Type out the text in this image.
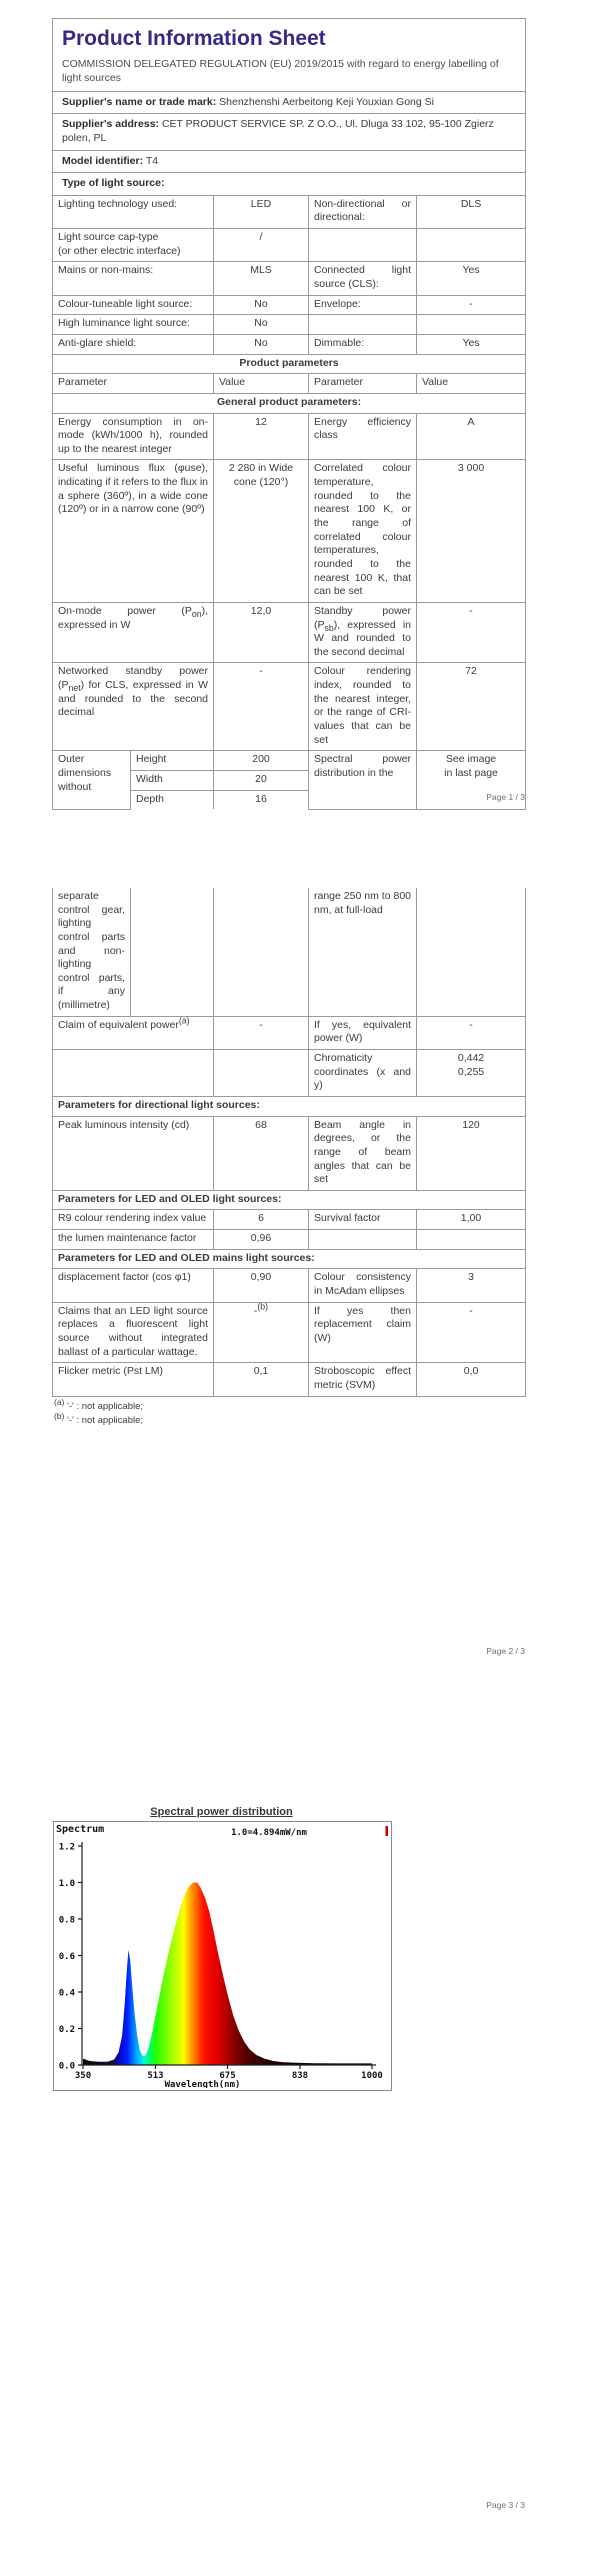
Product Information Sheet

COMMISSION DELEGATED REGULATION (EU) 2019/2015 with regard to energy labelling of light sources

Supplier's name or trade mark: Shenzhenshi Aerbeitong Keji Youxian Gong Si				
Supplier's address: CET PRODUCT SERVICE SP. Z O.O., Ul. Dluga 33 102, 95-100 Zgierz polen, PL				
Model identifier: T4				
Type of light source:				
Lighting technology used:		LED	Non-directional or directional:	DLS
Light source cap-type
(or other electric interface)		/		
Mains or non-mains:		MLS	Connected light source (CLS):	Yes
Colour-tuneable light source:		No	Envelope:	-
High luminance light source:		No		
Anti-glare shield:		No	Dimmable:	Yes
Product parameters				
Parameter		Value	Parameter	Value
General product parameters:				
Energy consumption in on-mode (kWh/1000 h), rounded up to the nearest integer		12	Energy efficiency class	A
Useful luminous flux (φuse), indicating if it refers to the flux in a sphere (360º), in a wide cone (120º) or in a narrow cone (90º)		2 280 in Wide cone (120°)	Correlated colour temperature, rounded to the nearest 100 K, or the range of correlated colour temperatures, rounded to the nearest 100 K, that can be set	3 000
On-mode power $(P_{on})$, expressed in W		12,0	Standby power $(P_{sb})$, expressed in W and rounded to the second decimal	-
Networked standby power $(P_{net})$ for CLS, expressed in W and rounded to the second decimal		-	Colour rendering index, rounded to the nearest integer, or the range of CRI-values that can be set	72
Outer dimensions without	Height	200	Spectral power distribution in the	See image
in last page
	Width	20		
	Depth	16			Page 1 / 3
separate control gear, lighting control parts and non-lighting control parts, if any (millimetre)			range 250 nm to 800 nm, at full-load	
Claim of equivalent power$^{(a)}$		-	If yes, equivalent power (W)	-
			Chromaticity coordinates (x and y)	0,442
0,255
Parameters for directional light sources:				
Peak luminous intensity (cd)		68	Beam angle in degrees, or the range of beam angles that can be set	120
Parameters for LED and OLED light sources:				
R9 colour rendering index value		6	Survival factor	1,00
the lumen maintenance factor		0,96		
Parameters for LED and OLED mains light sources:				
displacement factor (cos φ1)		0,90	Colour consistency in McAdam ellipses	3
Claims that an LED light source replaces a fluorescent light source without integrated ballast of a particular wattage.		-$^{(b)}$	If yes then replacement claim (W)	-
Flicker metric (Pst LM)		0,1	Stroboscopic effect metric (SVM)	0,0
$^{(a)}$ '-' : not applicable;
$^{(b)}$ '-' : not applicable;
Page 2 / 3
Spectral power distribution
0.0
0.2
0.4
0.6
0.8
1.0
1.2
350	513	675	838	1000
Wavelength(nm)
Spectrum	1.0=4.894mW/nm
Page 3 / 3
